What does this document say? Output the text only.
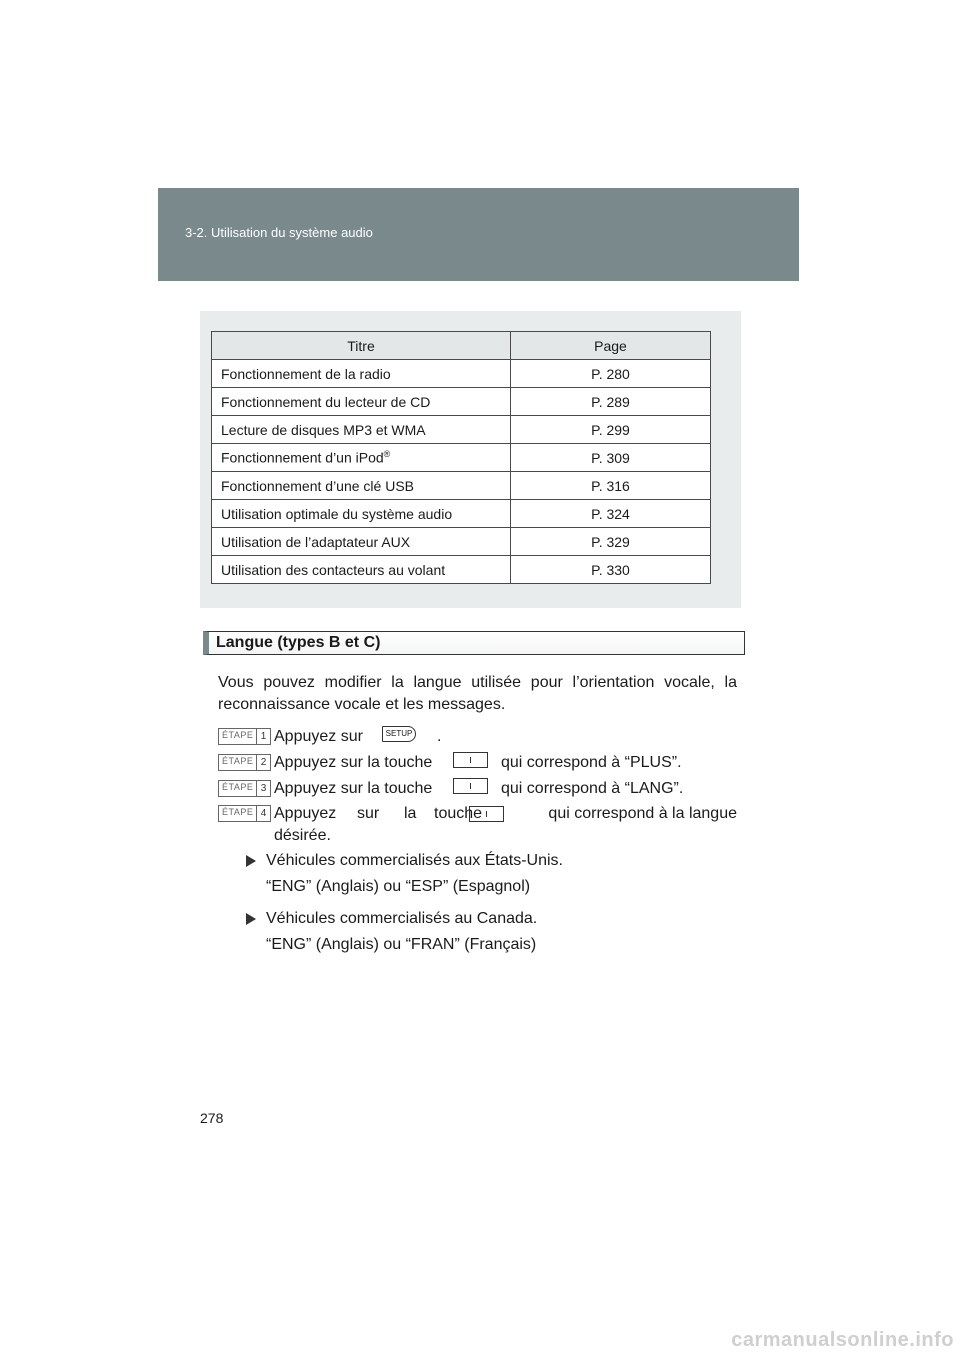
3-2. Utilisation du système audio
Titre	Page
Fonctionnement de la radio	P. 280
Fonctionnement du lecteur de CD	P. 289
Lecture de disques MP3 et WMA	P. 299
Fonctionnement d’un iPod®	P. 309
Fonctionnement d’une clé USB	P. 316
Utilisation optimale du système audio	P. 324
Utilisation de l’adaptateur AUX	P. 329
Utilisation des contacteurs au volant	P. 330
Langue (types B et C)
Vous pouvez modifier la langue utilisée pour l’orientation vocale, la reconnaissance vocale et les messages.
ÉTAPE 1 Appuyez sur	SETUP .
ÉTAPE 2 Appuyez sur la touche	qui correspond à “PLUS”.
ÉTAPE 3 Appuyez sur la touche	qui correspond à “LANG”.
ÉTAPE 4 Appuyez sur la touche	qui correspond à la langue
désirée.
Véhicules commercialisés aux États-Unis.
“ENG” (Anglais) ou “ESP” (Espagnol)
Véhicules commercialisés au Canada.
“ENG” (Anglais) ou “FRAN” (Français)
278
carmanualsonline.info
